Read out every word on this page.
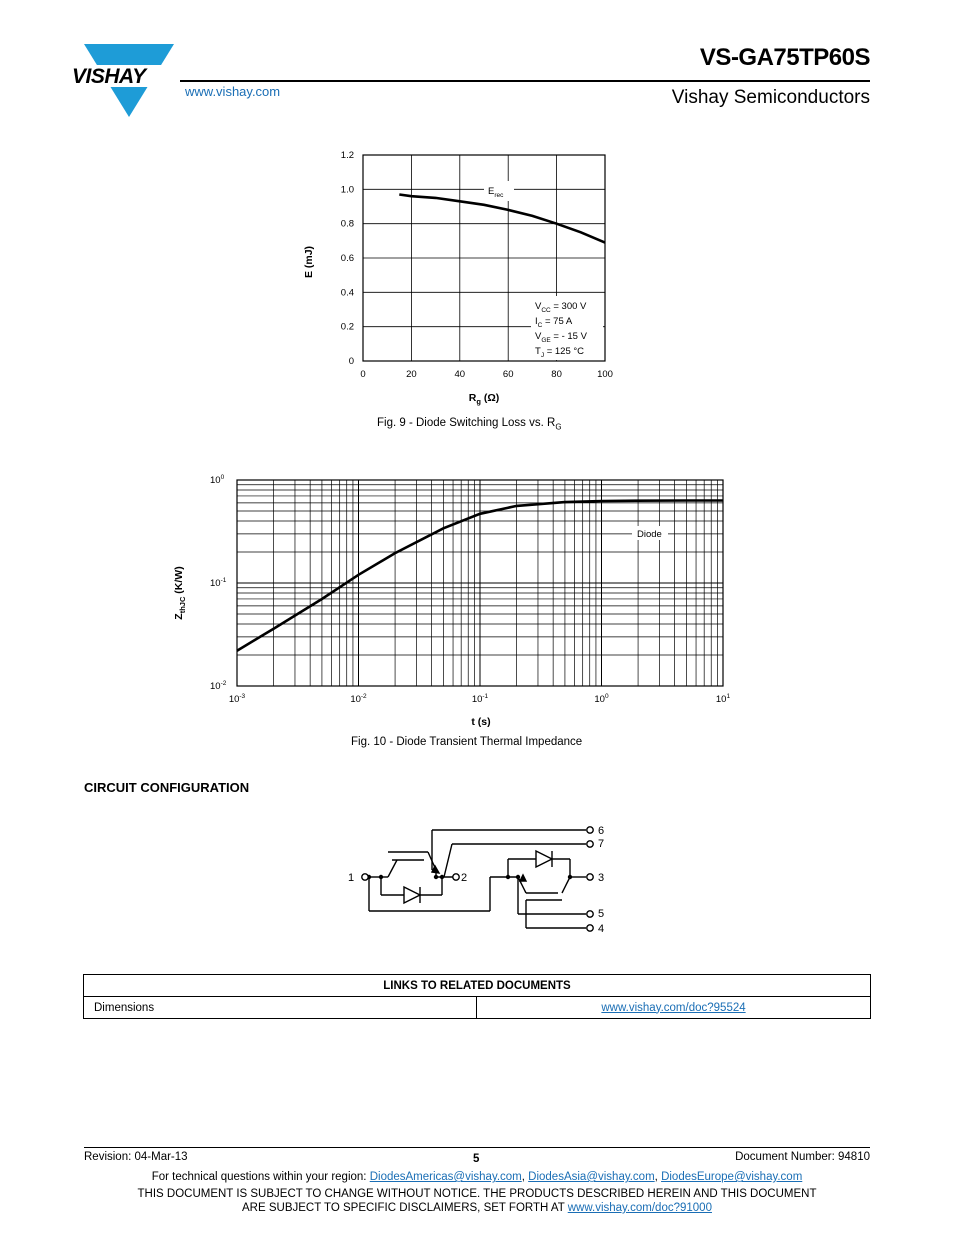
VISHAY
VS-GA75TP60S
www.vishay.com	Vishay Semiconductors
0	20	40	60	80	100
0
0.2
0.4
0.6
0.8
1.0
1.2
$E_{rec}$
$V_{CC} = 300$ V
$I_C = 75$ A
$V_{GE}$ = - 15 V
$T_J = 125$ °C
E (mJ)
$R_g$ (Ω)
Fig. 9 - Diode Switching Loss vs. $R_G$
$10^{-3}$	$10^{-2}$	$10^{-1}$	$10^0$	$10^1$
$10^{-2}$
$10^{-1}$
$10^0$
Diode
$Z_{thJC}$ (K/W)
t (s)
Fig. 10 - Diode Transient Thermal Impedance
CIRCUIT CONFIGURATION
1	2	3
4
5
6
7
LINKS TO RELATED DOCUMENTS
Dimensions	www.vishay.com/doc?95524
Revision: 04-Mar-13	5	Document Number: 94810
For technical questions within your region: DiodesAmericas@vishay.com, DiodesAsia@vishay.com, DiodesEurope@vishay.com
THIS DOCUMENT IS SUBJECT TO CHANGE WITHOUT NOTICE. THE PRODUCTS DESCRIBED HEREIN AND THIS DOCUMENT
ARE SUBJECT TO SPECIFIC DISCLAIMERS, SET FORTH AT www.vishay.com/doc?91000
